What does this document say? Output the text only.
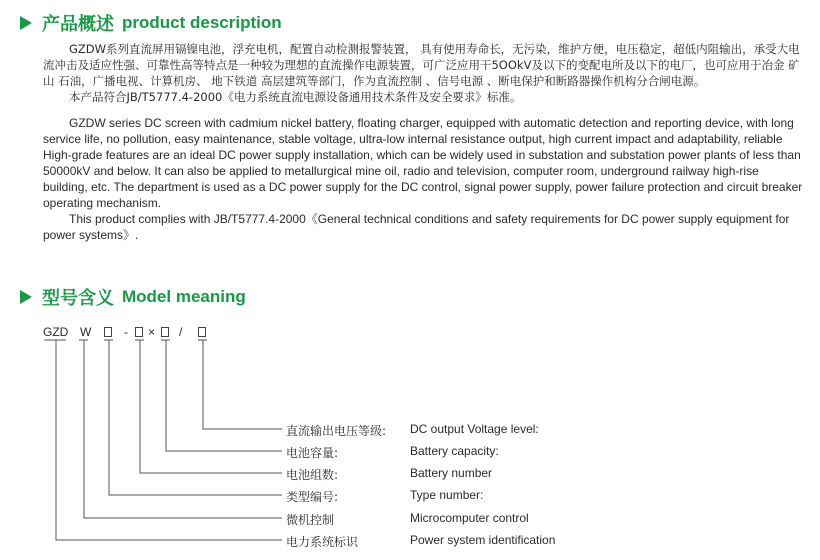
产品概述 product description

GZDW系列直流屏用镉镍电池，浮充电机，配置自动检测报警装置， 具有使用寿命长，无污染，维护方便，电压稳定，超低内阻输出，承受大电流冲击及适应性强、可靠性高等特点是一种较为理想的直流操作电源装置，可广泛应用干5OOkV及以下的变配电所及以下的电厂，也可应用于冶金 矿山 石油，广播电视、计算机房、 地下铁道 高层建筑等部门，作为直流控制 、信号电源 、断电保护和断路器操作机构分合闸电源。

本产品符合JB/T5777.4-2000《电力系统直流电源设备通用技术条件及安全要求》标准。

GZDW series DC screen with cadmium nickel battery, floating charger, equipped with automatic detection and reporting device, with long service life, no pollution, easy maintenance, stable voltage, ultra-low internal resistance output, high current impact and adaptability, reliable High-grade features are an ideal DC power supply installation, which can be widely used in substation and substation power plants of less than 50000kV and below. It can also be applied to metallurgical mine oil, radio and television, computer room, underground railway high-rise building, etc. The department is used as a DC power supply for the DC control, signal power supply, power failure protection and circuit breaker operating mechanism.

This product complies with JB/T5777.4-2000《General technical conditions and safety requirements for DC power supply equipment for power systems》.

型号含义 Model meaning
GZD W	- × /
直流输出电压等级: DC output Voltage level:
电池容量:	Battery capacity:
电池组数:	Battery number
类型编号:	Type number:
微机控制	Microcomputer control
电力系统标识	Power system identification
